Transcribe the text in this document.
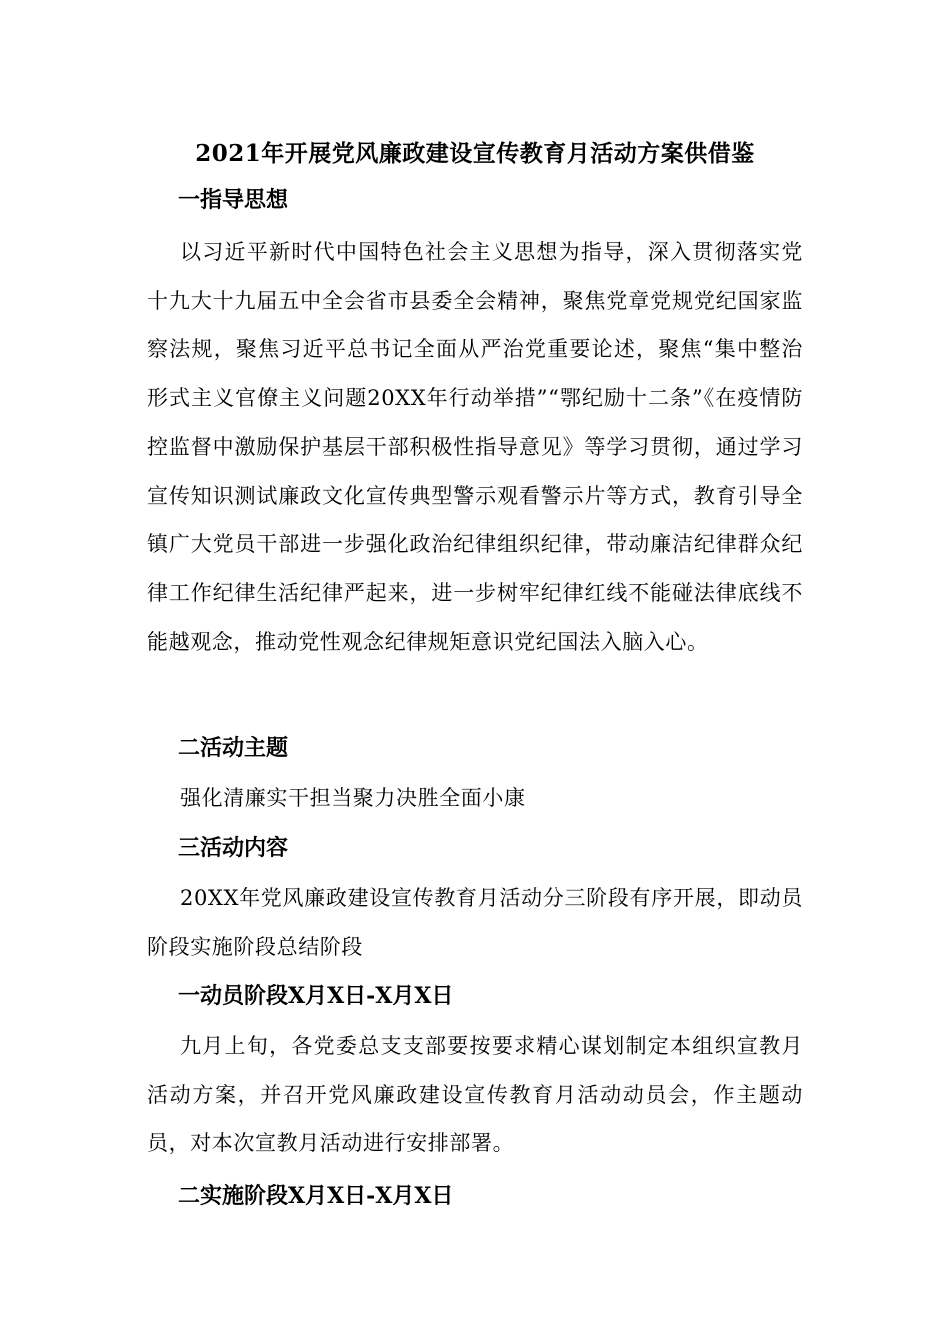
2021年开展党风廉政建设宣传教育月活动方案供借鉴
一指导思想
以习近平新时代中国特色社会主义思想为指导，深入贯彻落实党十九大十九届五中全会省市县委全会精神，聚焦党章党规党纪国家监察法规，聚焦习近平总书记全面从严治党重要论述，聚焦“集中整治形式主义官僚主义问题20XX年行动举措”“鄂纪励十二条”《在疫情防控监督中激励保护基层干部积极性指导意见》等学习贯彻，通过学习宣传知识测试廉政文化宣传典型警示观看警示片等方式，教育引导全镇广大党员干部进一步强化政治纪律组织纪律，带动廉洁纪律群众纪律工作纪律生活纪律严起来，进一步树牢纪律红线不能碰法律底线不能越观念，推动党性观念纪律规矩意识党纪国法入脑入心。
二活动主题
强化清廉实干担当聚力决胜全面小康
三活动内容
20XX年党风廉政建设宣传教育月活动分三阶段有序开展，即动员阶段实施阶段总结阶段
一动员阶段X月X日-X月X日
九月上旬，各党委总支支部要按要求精心谋划制定本组织宣教月活动方案，并召开党风廉政建设宣传教育月活动动员会，作主题动员，对本次宣教月活动进行安排部署。
二实施阶段X月X日-X月X日
